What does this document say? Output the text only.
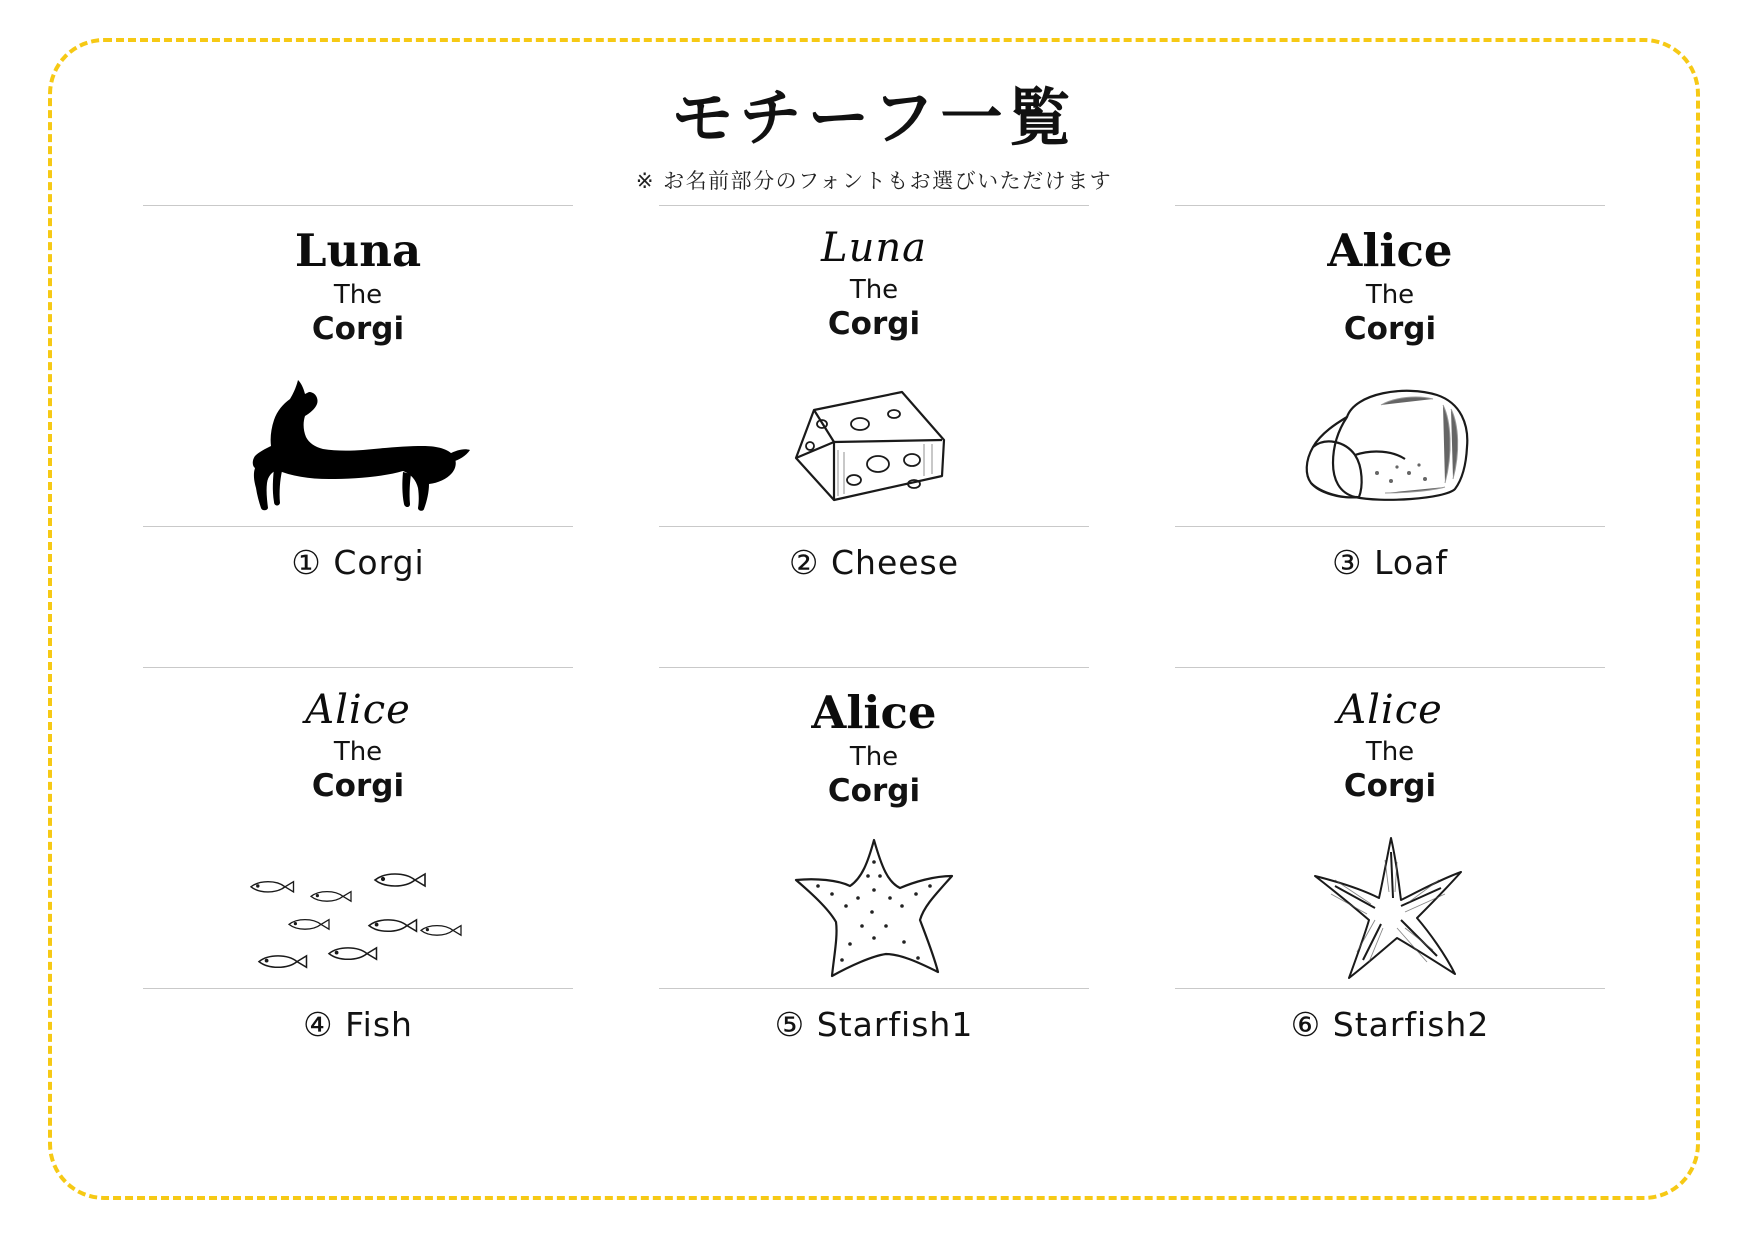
モチーフ一覧
※ お名前部分のフォントもお選びいただけます
Luna
The
Corgi
① Corgi
Luna
The
Corgi
② Cheese
Alice
The
Corgi
③ Loaf
Alice
The
Corgi
④ Fish
Alice
The
Corgi
⑤ Starfish1
Alice
The
Corgi
⑥ Starfish2
